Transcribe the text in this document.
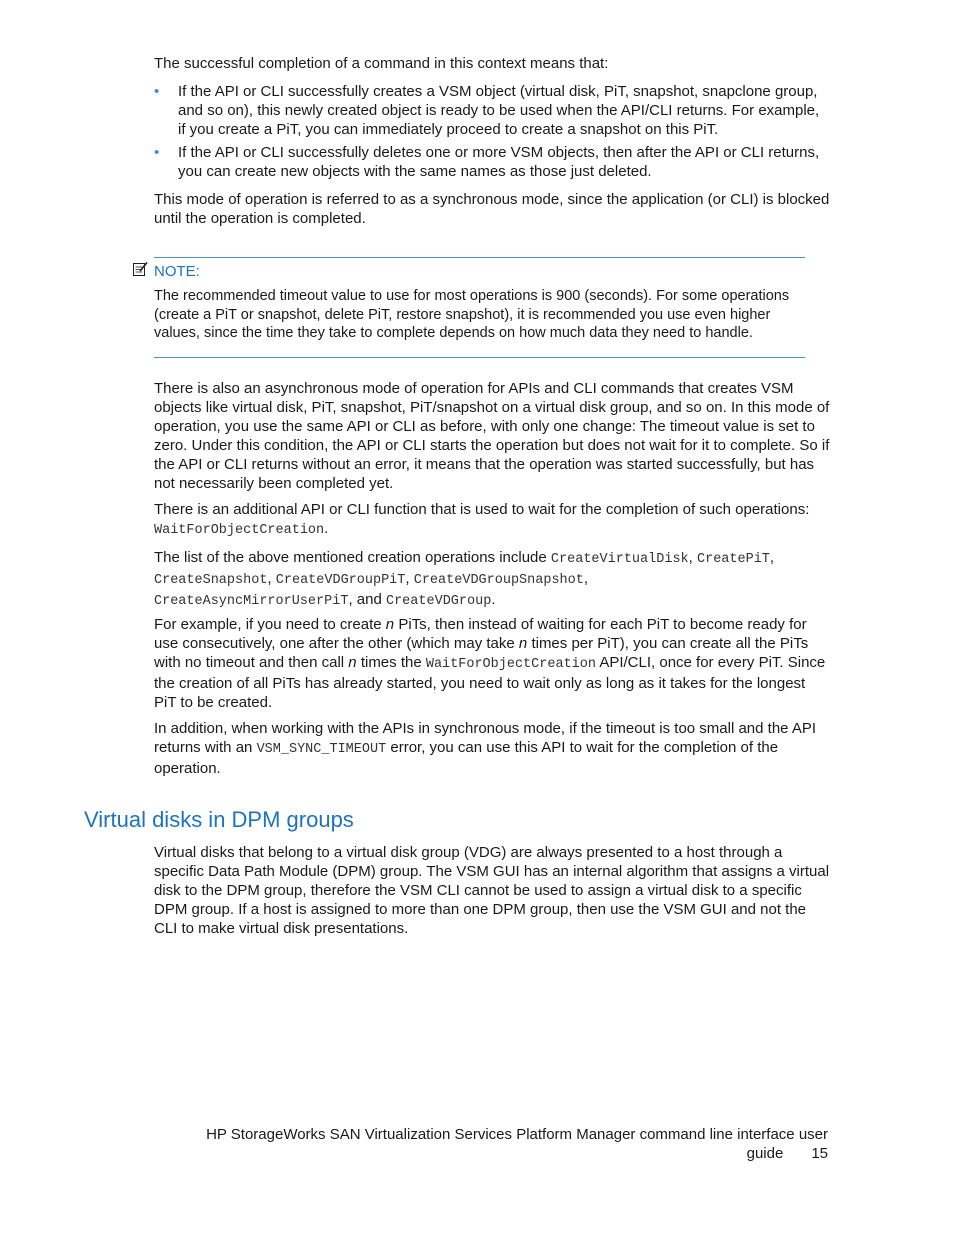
The successful completion of a command in this context means that:

• If the API or CLI successfully creates a VSM object (virtual disk, PiT, snapshot, snapclone group, and so on), this newly created object is ready to be used when the API/CLI returns. For example, if you create a PiT, you can immediately proceed to create a snapshot on this PiT.
• If the API or CLI successfully deletes one or more VSM objects, then after the API or CLI returns, you can create new objects with the same names as those just deleted.

This mode of operation is referred to as a synchronous mode, since the application (or CLI) is blocked until the operation is completed.

NOTE:

The recommended timeout value to use for most operations is 900 (seconds). For some operations (create a PiT or snapshot, delete PiT, restore snapshot), it is recommended you use even higher values, since the time they take to complete depends on how much data they need to handle.

There is also an asynchronous mode of operation for APIs and CLI commands that creates VSM objects like virtual disk, PiT, snapshot, PiT/snapshot on a virtual disk group, and so on. In this mode of operation, you use the same API or CLI as before, with only one change: The timeout value is set to zero. Under this condition, the API or CLI starts the operation but does not wait for it to complete. So if the API or CLI returns without an error, it means that the operation was started successfully, but has not necessarily been completed yet.

There is an additional API or CLI function that is used to wait for the completion of such operations:
WaitForObjectCreation.

The list of the above mentioned creation operations include CreateVirtualDisk, CreatePiT,
CreateSnapshot, CreateVDGroupPiT, CreateVDGroupSnapshot,
CreateAsyncMirrorUserPiT, and CreateVDGroup.

For example, if you need to create n PiTs, then instead of waiting for each PiT to become ready for use consecutively, one after the other (which may take n times per PiT), you can create all the PiTs with no timeout and then call n times the WaitForObjectCreation API/CLI, once for every PiT. Since the creation of all PiTs has already started, you need to wait only as long as it takes for the longest PiT to be created.

In addition, when working with the APIs in synchronous mode, if the timeout is too small and the API returns with an VSM_SYNC_TIMEOUT error, you can use this API to wait for the completion of the operation.

Virtual disks in DPM groups

Virtual disks that belong to a virtual disk group (VDG) are always presented to a host through a specific Data Path Module (DPM) group. The VSM GUI has an internal algorithm that assigns a virtual disk to the DPM group, therefore the VSM CLI cannot be used to assign a virtual disk to a specific DPM group. If a host is assigned to more than one DPM group, then use the VSM GUI and not the CLI to make virtual disk presentations.

HP StorageWorks SAN Virtualization Services Platform Manager command line interface user
guide 15
